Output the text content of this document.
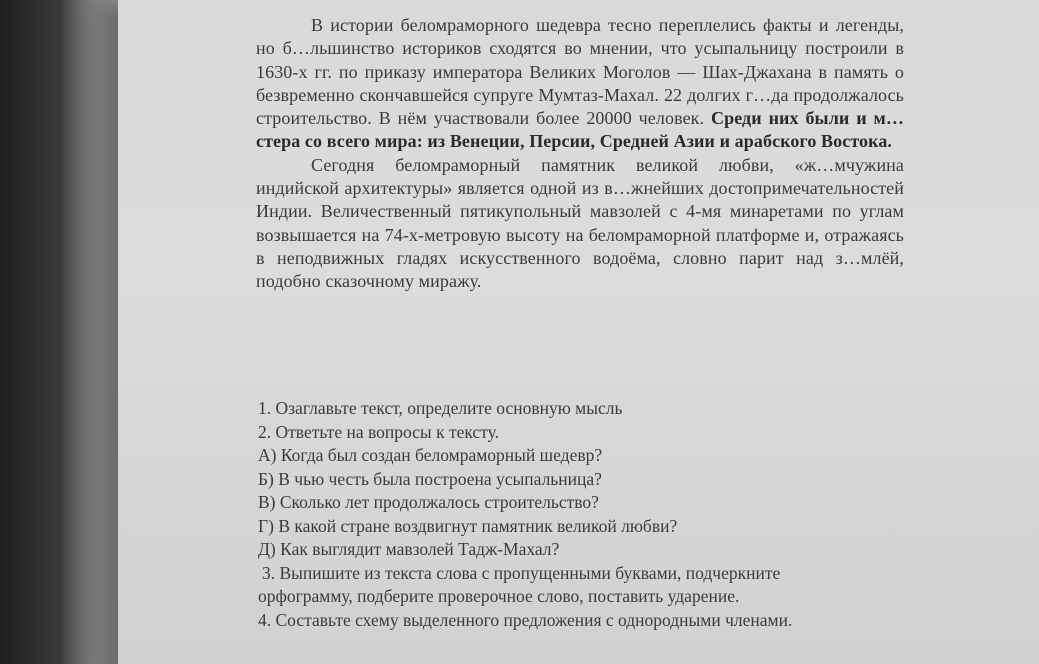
В истории беломраморного шедевра тесно переплелись факты и легенды, но б…льшинство историков сходятся во мнении, что усыпальницу построили в 1630-х гг. по приказу императора Великих Моголов — Шах-Джахана в память о безвременно скончавшейся супруге Мумтаз-Махал. 22 долгих г…да продолжалось строительство. В нём участвовали более 20000 человек. Среди них были и м…стера со всего мира: из Венеции, Персии, Средней Азии и арабского Востока.

Сегодня беломраморный памятник великой любви, «ж…мчужина индийской архитектуры» является одной из в…жнейших достопримечательностей Индии. Величественный пятикупольный мавзолей с 4-мя минаретами по углам возвышается на 74-х-метровую высоту на беломраморной платформе и, отражаясь в неподвижных гладях искусственного водоёма, словно парит над з…млёй, подобно сказочному миражу.

1. Озаглавьте текст, определите основную мысль

2. Ответьте на вопросы к тексту.

А) Когда был создан беломраморный шедевр?

Б) В чью честь была построена усыпальница?

В) Сколько лет продолжалось строительство?

Г) В какой стране воздвигнут памятник великой любви?

Д) Как выглядит мавзолей Тадж-Махал?

3. Выпишите из текста слова с пропущенными буквами, подчеркните

орфограмму, подберите проверочное слово, поставить ударение.

4. Составьте схему выделенного предложения с однородными членами.
